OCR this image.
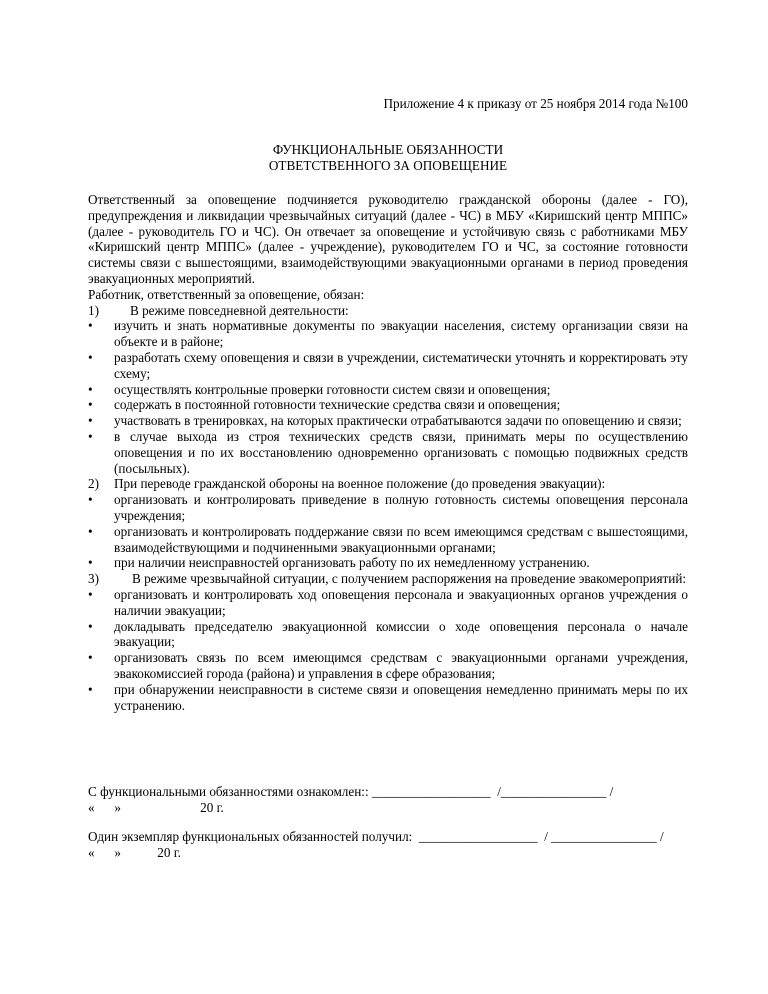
Приложение 4 к приказу от 25 ноября 2014 года №100
ФУНКЦИОНАЛЬНЫЕ ОБЯЗАННОСТИ
ОТВЕТСТВЕННОГО ЗА ОПОВЕЩЕНИЕ
Ответственный за оповещение подчиняется руководителю гражданской обороны (далее - ГО), предупреждения и ликвидации чрезвычайных ситуаций (далее - ЧС) в МБУ «Киришский центр МППС» (далее - руководитель ГО и ЧС). Он отвечает за оповещение и устойчивую связь с работниками МБУ «Киришский центр МППС» (далее - учреждение), руководителем ГО и ЧС, за состояние готовности системы связи с вышестоящими, взаимодействующими эвакуационными органами в период проведения эвакуационных мероприятий.
Работник, ответственный за оповещение, обязан:
1)	В режиме повседневной деятельности:
•	изучить и знать нормативные документы по эвакуации населения, систему организации связи на объекте и в районе;
•	разработать схему оповещения и связи в учреждении, систематически уточнять и корректировать эту схему;
•	осуществлять контрольные проверки готовности систем связи и оповещения;
•	содержать в постоянной готовности технические средства связи и оповещения;
•	участвовать в тренировках, на которых практически отрабатываются задачи по оповещению и связи;
•	в случае выхода из строя технических средств связи, принимать меры по осуществлению оповещения и по их восстановлению одновременно организовать с помощью подвижных средств (посыльных).
2)	При переводе гражданской обороны на военное положение (до проведения эвакуации):
•	организовать и контролировать приведение в полную готовность системы оповещения персонала учреждения;
•	организовать и контролировать поддержание связи по всем имеющимся средствам с вышестоящими, взаимодействующими и подчиненными эвакуационными органами;
•	при наличии неисправностей организовать работу по их немедленному устранению.
3)	В режиме чрезвычайной ситуации, с получением распоряжения на проведение эвакомероприятий:
•	организовать и контролировать ход оповещения персонала и эвакуационных органов учреждения о наличии эвакуации;
•	докладывать председателю эвакуационной комиссии о ходе оповещения персонала о начале эвакуации;
•	организовать связь по всем имеющимся средствам с эвакуационными органами учреждения, эвакокомиссией города (района) и управления в сфере образования;
•	при обнаружении неисправности в системе связи и оповещения немедленно принимать меры по их устранению.
С функциональными обязанностями ознакомлен:: __________________  /________________ /
«      »                        20 г.
Один экземпляр функциональных обязанностей получил:  __________________  / ________________ /
«      »           20 г.
